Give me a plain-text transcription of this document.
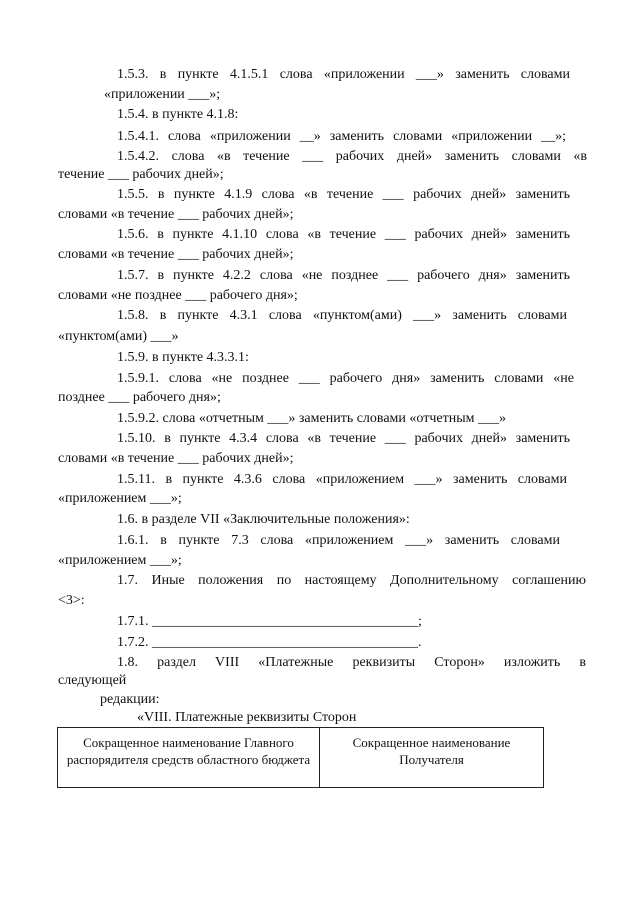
1.5.3. в пункте 4.1.5.1 слова «приложении ___» заменить словами
«приложении ___»;
1.5.4. в пункте 4.1.8:
1.5.4.1. слова «приложении __» заменить словами «приложении __»;
1.5.4.2. слова «в течение ___ рабочих дней» заменить словами «в
течение ___ рабочих дней»;
1.5.5. в пункте 4.1.9 слова «в течение ___ рабочих дней» заменить
словами «в течение ___ рабочих дней»;
1.5.6. в пункте 4.1.10 слова «в течение ___ рабочих дней» заменить
словами «в течение ___ рабочих дней»;
1.5.7. в пункте 4.2.2 слова «не позднее ___ рабочего дня» заменить
словами «не позднее ___ рабочего дня»;
1.5.8. в пункте 4.3.1 слова «пунктом(ами) ___» заменить словами
«пунктом(ами) ___»
1.5.9. в пункте 4.3.3.1:
1.5.9.1. слова «не позднее ___ рабочего дня» заменить словами «не
позднее ___ рабочего дня»;
1.5.9.2. слова «отчетным ___» заменить словами «отчетным ___»
1.5.10. в пункте 4.3.4 слова «в течение ___ рабочих дней» заменить
словами «в течение ___ рабочих дней»;
1.5.11. в пункте 4.3.6 слова «приложением ___» заменить словами
«приложением ___»;
1.6. в разделе VII «Заключительные положения»:
1.6.1. в пункте 7.3 слова «приложением ___» заменить словами
«приложением ___»;
1.7. Иные положения по настоящему Дополнительному соглашению
<3>:
1.7.1. ______________________________________;
1.7.2. ______________________________________.
1.8. раздел VIII «Платежные реквизиты Сторон» изложить в
следующей
редакции:
«VIII. Платежные реквизиты Сторон
Сокращенное наименование Главного распорядителя средств областного бюджета	Сокращенное наименование Получателя
